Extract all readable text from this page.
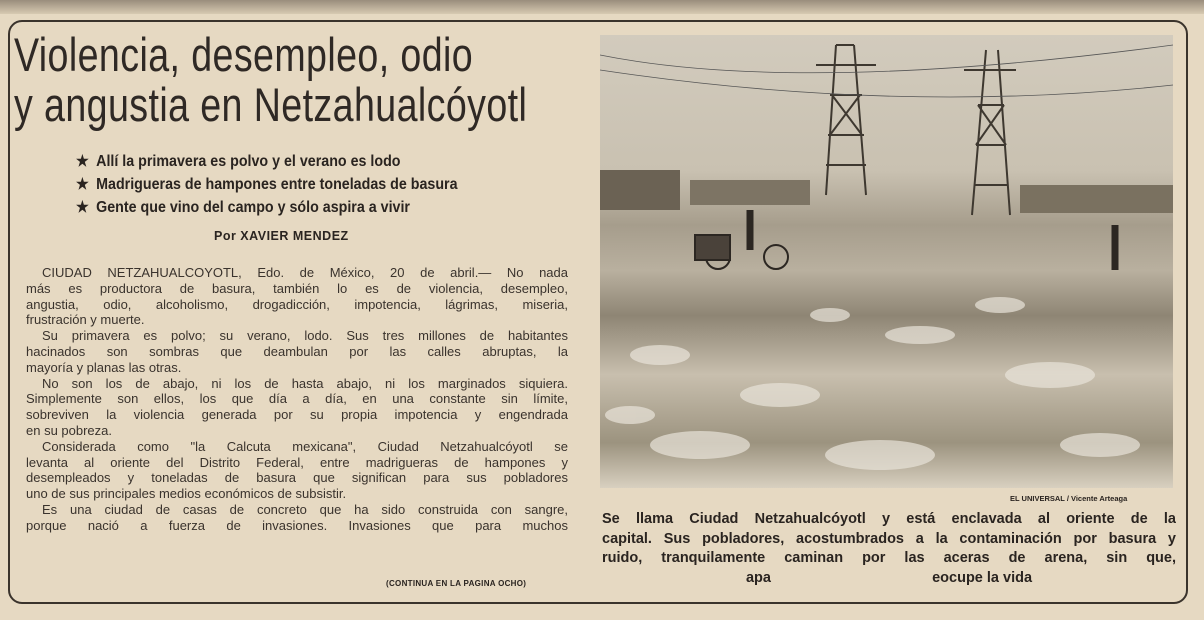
Violencia, desempleo, odio
y angustia en Netzahualcóyotl
★ Allí la primavera es polvo y el verano es lodo
★ Madrigueras de hampones entre toneladas de basura
★ Gente que vino del campo y sólo aspira a vivir
Por XAVIER MENDEZ
CIUDAD NETZAHUALCOYOTL, Edo. de México, 20 de abril.— No nada
más es productora de basura, también lo es de violencia, desempleo,
angustia, odio, alcoholismo, drogadicción, impotencia, lágrimas, miseria,
frustración y muerte.
Su primavera es polvo; su verano, lodo. Sus tres millones de habitantes
hacinados son sombras que deambulan por las calles abruptas, la
mayoría y planas las otras.
No son los de abajo, ni los de hasta abajo, ni los marginados siquiera.
Simplemente son ellos, los que día a día, en una constante sin límite,
sobreviven la violencia generada por su propia impotencia y engendrada
en su pobreza.
Considerada como "la Calcuta mexicana", Ciudad Netzahualcóyotl se
levanta al oriente del Distrito Federal, entre madrigueras de hampones y
desempleados y toneladas de basura que significan para sus pobladores
uno de sus principales medios económicos de subsistir.
Es una ciudad de casas de concreto que ha sido construida con sangre,
porque nació a fuerza de invasiones. Invasiones que para muchos
(CONTINUA EN LA PAGINA OCHO)
EL UNIVERSAL / Vicente Arteaga
Se llama Ciudad Netzahualcóyotl y está enclavada al oriente de la
capital. Sus pobladores, acostumbrados a la contaminación por basura y
ruido, tranquilamente caminan por las aceras de arena, sin que,
apa                                        eocupe la vida
